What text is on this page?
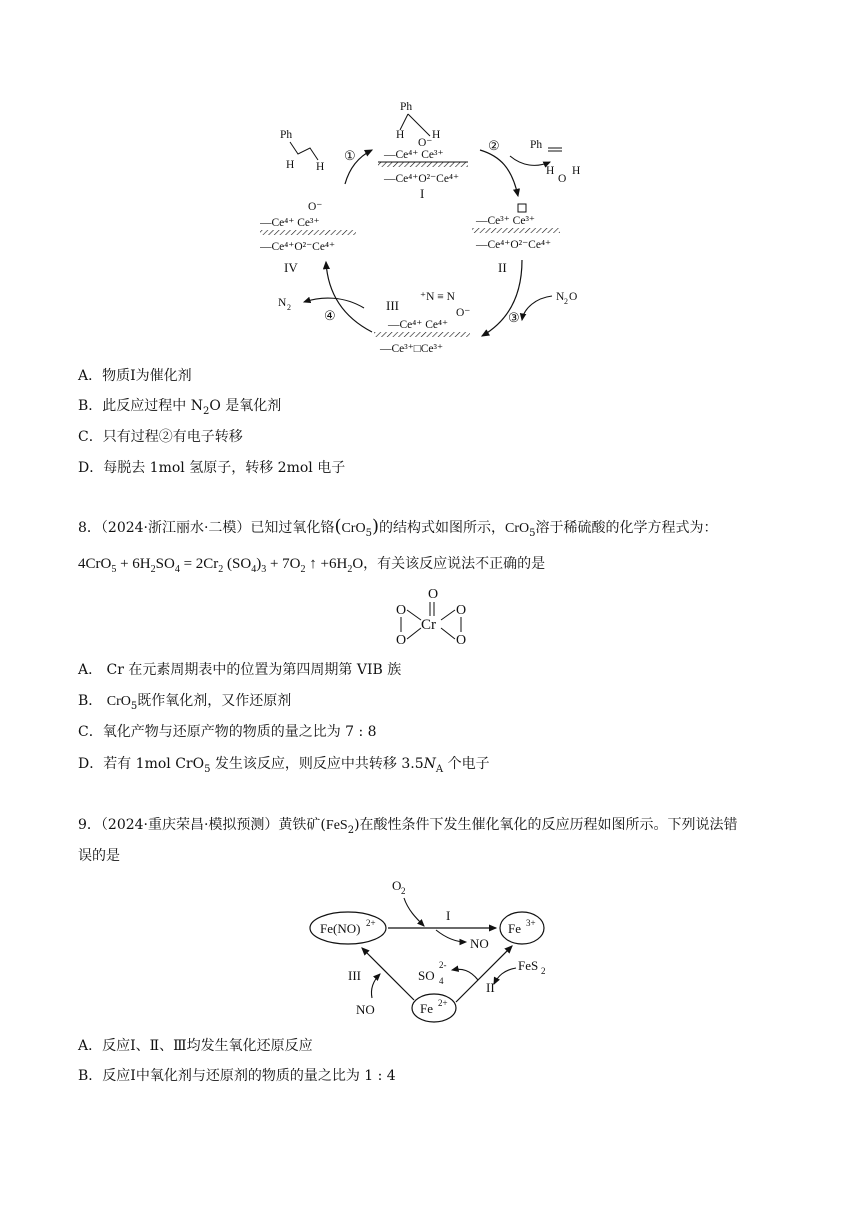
Ph
H H
O⁻
—Ce⁴⁺ Ce³⁺
—Ce⁴⁺O²⁻Ce⁴⁺
I
Ph
H H
①
②	Ph
H
O
H
—Ce³⁺ Ce³⁺
—Ce⁴⁺O²⁻Ce⁴⁺
II
N 2 O
③
III
⁺N ≡ N
O⁻
—Ce⁴⁺ Ce⁴⁺
—Ce³⁺□Ce³⁺
N 2
④
O⁻
—Ce⁴⁺ Ce³⁺
—Ce⁴⁺O²⁻Ce⁴⁺
IV
A．物质Ⅰ为催化剂
B．此反应过程中 $N_2O$ 是氧化剂
C．只有过程②有电子转移
D．每脱去 1mol 氢原子，转移 2mol 电子
8．（2024·浙江丽水·二模）已知过氧化铬(CrO$_5$)的结构式如图所示，CrO$_5$溶于稀硫酸的化学方程式为：
$4CrO_5 + 6H_2SO_4 = 2Cr_2$ $(SO_4)_3 + 7O_2$ ↑ $+6H_2O$，有关该反应说法不正确的是
O
O	O
Cr
O	O
A． Cr 在元素周期表中的位置为第四周期第 VIB 族
B． CrO$_5$既作氧化剂，又作还原剂
C．氧化产物与还原产物的物质的量之比为 7 : 8
D．若有 1mol CrO$_5$ 发生该反应，则反应中共转移 $3.5N_A$ 个电子
9．（2024·重庆荣昌·模拟预测）黄铁矿(FeS$_2$)在酸性条件下发生催化氧化的反应历程如图所示。下列说法错
误的是
Fe(NO) 2+	Fe 3+
Fe 2+
O 2
I
NO
FeS 2
II
SO
2-
4
III
NO
A．反应Ⅰ、Ⅱ、Ⅲ均发生氧化还原反应
B．反应Ⅰ中氧化剂与还原剂的物质的量之比为 1 : 4
